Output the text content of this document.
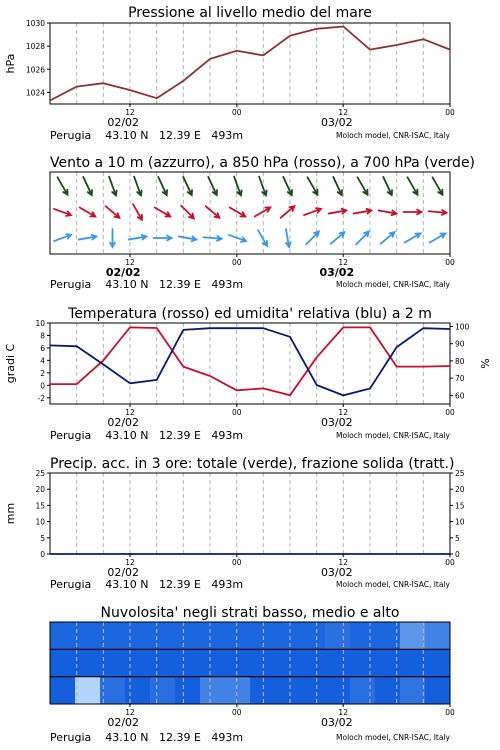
Pressione al livello medio del mare
1024
1026
1028
1030
12	00	12	00
02/02	03/02
hPa
Perugia    43.10 N   12.39 E   493m	Moloch model, CNR-ISAC, Italy
Vento a 10 m (azzurro), a 850 hPa (rosso), a 700 hPa (verde)
12	00	12	00
02/02	03/02
Perugia    43.10 N   12.39 E   493m	Moloch model, CNR-ISAC, Italy
Temperatura (rosso) ed umidita' relativa (blu) a 2 m
-2
0
2
4
6
8
10
60
70
80
90
100
12	00	12	00
02/02	03/02
gradi C	%
Perugia    43.10 N   12.39 E   493m	Moloch model, CNR-ISAC, Italy
Precip. acc. in 3 ore: totale (verde), frazione solida (tratt.)
0
5
10
15
20
25
0
5
10
15
20
25
12	00	12	00
02/02	03/02
mm
Perugia    43.10 N   12.39 E   493m	Moloch model, CNR-ISAC, Italy
Nuvolosita' negli strati basso, medio e alto
12	00	12	00
02/02	03/02
Perugia    43.10 N   12.39 E   493m	Moloch model, CNR-ISAC, Italy
